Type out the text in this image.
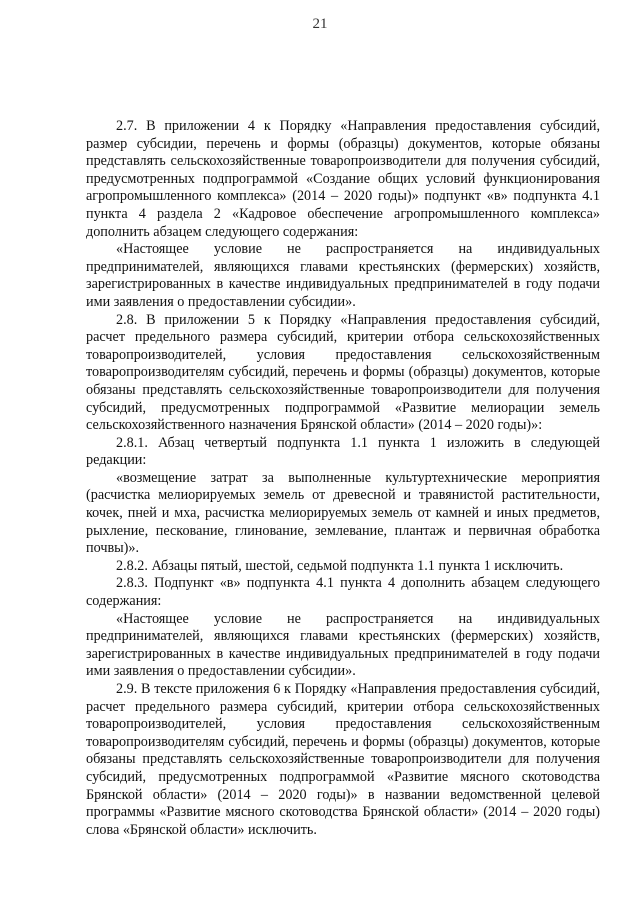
21

2.7. В приложении 4 к Порядку «Направления предоставления субсидий, размер субсидии, перечень и формы (образцы) документов, которые обязаны представлять сельскохозяйственные товаропроизводители для получения субсидий, предусмотренных подпрограммой «Создание общих условий функционирования агропромышленного комплекса» (2014 – 2020 годы)» подпункт «в» подпункта 4.1 пункта 4 раздела 2 «Кадровое обеспечение агропромышленного комплекса» дополнить абзацем следующего содержания:

«Настоящее условие не распространяется на индивидуальных предпринимателей, являющихся главами крестьянских (фермерских) хозяйств, зарегистрированных в качестве индивидуальных предпринимателей в году подачи ими заявления о предоставлении субсидии».

2.8. В приложении 5 к Порядку «Направления предоставления субсидий, расчет предельного размера субсидий, критерии отбора сельскохозяйственных товаропроизводителей, условия предоставления сельскохозяйственным товаропроизводителям субсидий, перечень и формы (образцы) документов, которые обязаны представлять сельскохозяйственные товаропроизводители для получения субсидий, предусмотренных подпрограммой «Развитие мелиорации земель сельскохозяйственного назначения Брянской области» (2014 – 2020 годы)»:

2.8.1. Абзац четвертый подпункта 1.1 пункта 1 изложить в следующей редакции:

«возмещение затрат за выполненные культуртехнические мероприятия (расчистка мелиорируемых земель от древесной и травянистой растительности, кочек, пней и мха, расчистка мелиорируемых земель от камней и иных предметов, рыхление, пескование, глинование, землевание, плантаж и первичная обработка почвы)».

2.8.2. Абзацы пятый, шестой, седьмой подпункта 1.1 пункта 1 исключить.

2.8.3. Подпункт «в» подпункта 4.1 пункта 4 дополнить абзацем следующего содержания:

«Настоящее условие не распространяется на индивидуальных предпринимателей, являющихся главами крестьянских (фермерских) хозяйств, зарегистрированных в качестве индивидуальных предпринимателей в году подачи ими заявления о предоставлении субсидии».

2.9. В тексте приложения 6 к Порядку «Направления предоставления субсидий, расчет предельного размера субсидий, критерии отбора сельскохозяйственных товаропроизводителей, условия предоставления сельскохозяйственным товаропроизводителям субсидий, перечень и формы (образцы) документов, которые обязаны представлять сельскохозяйственные товаропроизводители для получения субсидий, предусмотренных подпрограммой «Развитие мясного скотоводства Брянской области» (2014 – 2020 годы)» в названии ведомственной целевой программы «Развитие мясного скотоводства Брянской области» (2014 – 2020 годы) слова «Брянской области» исключить.
